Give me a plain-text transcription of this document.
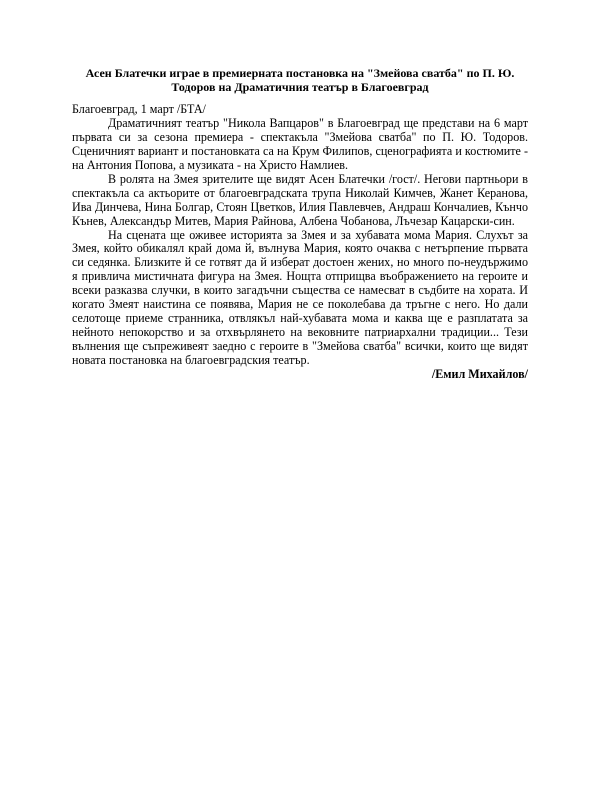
Асен Блатечки играе в премиерната постановка на "Змейова сватба" по П. Ю. Тодоров на Драматичния театър в Благоевград

Благоевград, 1 март /БТА/

Драматичният театър "Никола Вапцаров" в Благоевград ще представи на 6 март първата си за сезона премиера - спектакъла "Змейова сватба" по П. Ю. Тодоров. Сценичният вариант и постановката са на Крум Филипов, сценографията и костюмите - на Антония Попова, а музиката - на Христо Намлиев.

В ролята на Змея зрителите ще видят Асен Блатечки /гост/. Негови партньори в спектакъла са актьорите от благоевградската трупа Николай Кимчев, Жанет Керанова, Ива Динчева, Нина Болгар, Стоян Цветков, Илия Павлевчев, Андраш Кончалиев, Кънчо Кънев, Александър Митев, Мария Райнова, Албена Чобанова, Лъчезар Кацарски-син.

На сцената ще оживее историята за Змея и за хубавата мома Мария. Слухът за Змея, който обикалял край дома й, вълнува Мария, която очаква с нетърпение първата си седянка. Близките й се готвят да й изберат достоен жених, но много по-неудържимо я привлича мистичната фигура на Змея. Нощта отприщва въображението на героите и всеки разказва случки, в които загадъчни същества се намесват в съдбите на хората. И когато Змеят наистина се появява, Мария не се поколебава да тръгне с него. Но дали селотоще приеме странника, отвлякъл най-хубавата мома и каква ще е разплатата за нейното непокорство и за отхвърлянето на вековните патриархални традиции... Тези вълнения ще съпреживеят заедно с героите в "Змейова сватба" всички, които ще видят новата постановка на благоевградския театър.

/Емил Михайлов/
